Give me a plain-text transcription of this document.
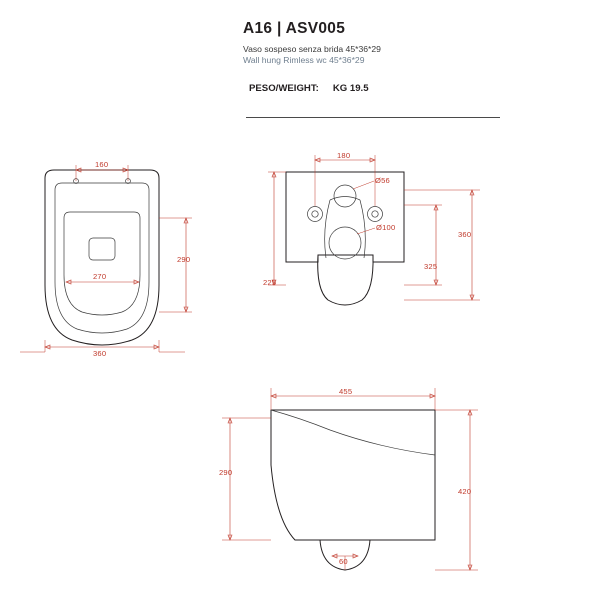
A16 | ASV005
Vaso sospeso senza brida 45*36*29
Wall hung Rimless wc 45*36*29
PESO/WEIGHT: KG 19.5
160
270
360
290
180
Ø56
Ø100
225
325
360
455
290
420
60
